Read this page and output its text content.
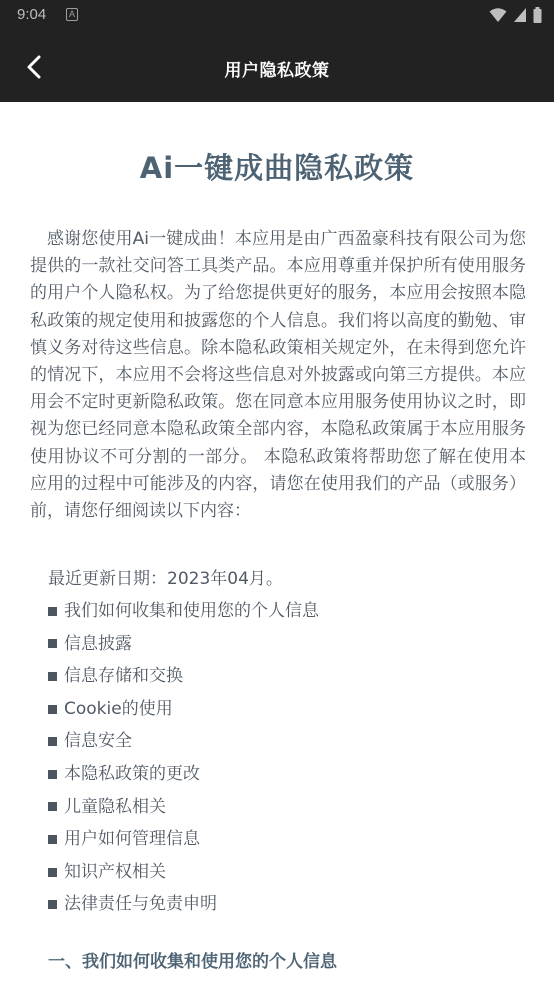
9:04	A
用户隐私政策
Ai一键成曲隐私政策

感谢您使用Ai一键成曲！本应用是由广西盈豪科技有限公司为您提供的一款社交问答工具类产品。本应用尊重并保护所有使用服务的用户个人隐私权。为了给您提供更好的服务，本应用会按照本隐私政策的规定使用和披露您的个人信息。我们将以高度的勤勉、审慎义务对待这些信息。除本隐私政策相关规定外，在未得到您允许的情况下，本应用不会将这些信息对外披露或向第三方提供。本应用会不定时更新隐私政策。您在同意本应用服务使用协议之时，即视为您已经同意本隐私政策全部内容，本隐私政策属于本应用服务使用协议不可分割的一部分。 本隐私政策将帮助您了解在使用本应用的过程中可能涉及的内容，请您在使用我们的产品（或服务）前，请您仔细阅读以下内容：

最近更新日期：2023年04月。
我们如何收集和使用您的个人信息
信息披露
信息存储和交换
Cookie的使用
信息安全
本隐私政策的更改
儿童隐私相关
用户如何管理信息
知识产权相关
法律责任与免责申明
一、我们如何收集和使用您的个人信息
